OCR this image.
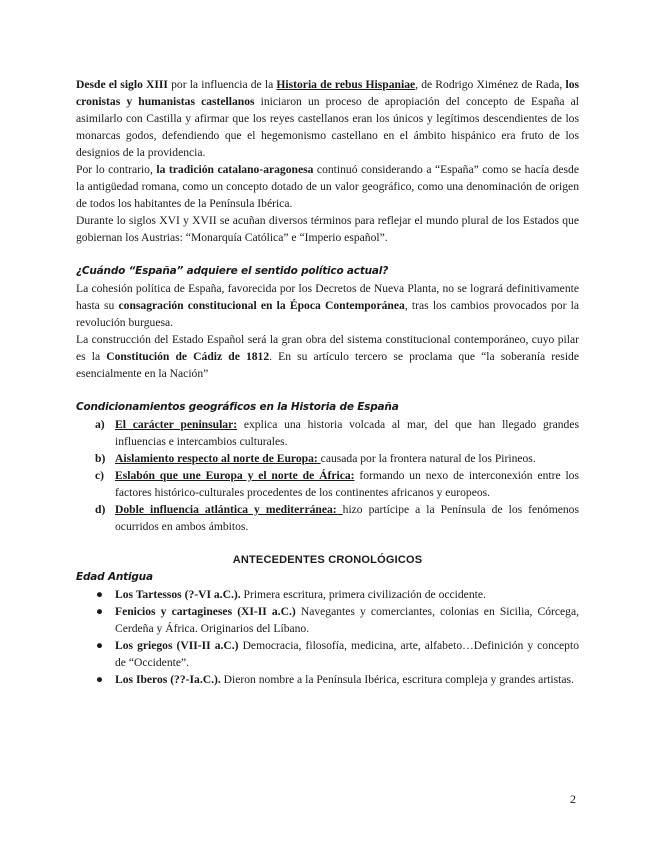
Desde el siglo XIII por la influencia de la Historia de rebus Hispaniae, de Rodrigo Ximénez de Rada, los cronistas y humanistas castellanos iniciaron un proceso de apropiación del concepto de España al asimilarlo con Castilla y afirmar que los reyes castellanos eran los únicos y legítimos descendientes de los monarcas godos, defendiendo que el hegemonismo castellano en el ámbito hispánico era fruto de los designios de la providencia.

Por lo contrario, la tradición catalano-aragonesa continuó considerando a “España” como se hacía desde la antigüedad romana, como un concepto dotado de un valor geográfico, como una denominación de origen de todos los habitantes de la Península Ibérica.

Durante lo siglos XVI y XVII se acuñan diversos términos para reflejar el mundo plural de los Estados que gobiernan los Austrias: “Monarquía Católica” e “Imperio español”.

¿Cuándo “España” adquiere el sentido político actual?

La cohesión política de España, favorecida por los Decretos de Nueva Planta, no se logrará definitivamente hasta su consagración constitucional en la Época Contemporánea, tras los cambios provocados por la revolución burguesa.

La construcción del Estado Español será la gran obra del sistema constitucional contemporáneo, cuyo pilar es la Constitución de Cádiz de 1812. En su artículo tercero se proclama que “la soberanía reside esencialmente en la Nación”

Condicionamientos geográficos en la Historia de España

a) El carácter peninsular: explica una historia volcada al mar, del que han llegado grandes influencias e intercambios culturales.
b) Aislamiento respecto al norte de Europa: causada por la frontera natural de los Pirineos.
c) Eslabón que une Europa y el norte de África: formando un nexo de interconexión entre los factores histórico-culturales procedentes de los continentes africanos y europeos.
d) Doble influencia atlántica y mediterránea: hizo partícipe a la Península de los fenómenos ocurridos en ambos ámbitos.

ANTECEDENTES CRONOLÓGICOS

Edad Antigua

● Los Tartessos (?-VI a.C.). Primera escritura, primera civilización de occidente.
● Fenicios y cartagineses (XI-II a.C.) Navegantes y comerciantes, colonias en Sicilia, Córcega, Cerdeña y África. Originarios del Líbano.
● Los griegos (VII-II a.C.) Democracia, filosofía, medicina, arte, alfabeto…Definición y concepto de “Occidente”.
● Los Iberos (??-Ia.C.). Dieron nombre a la Península Ibérica, escritura compleja y grandes artistas.
2
